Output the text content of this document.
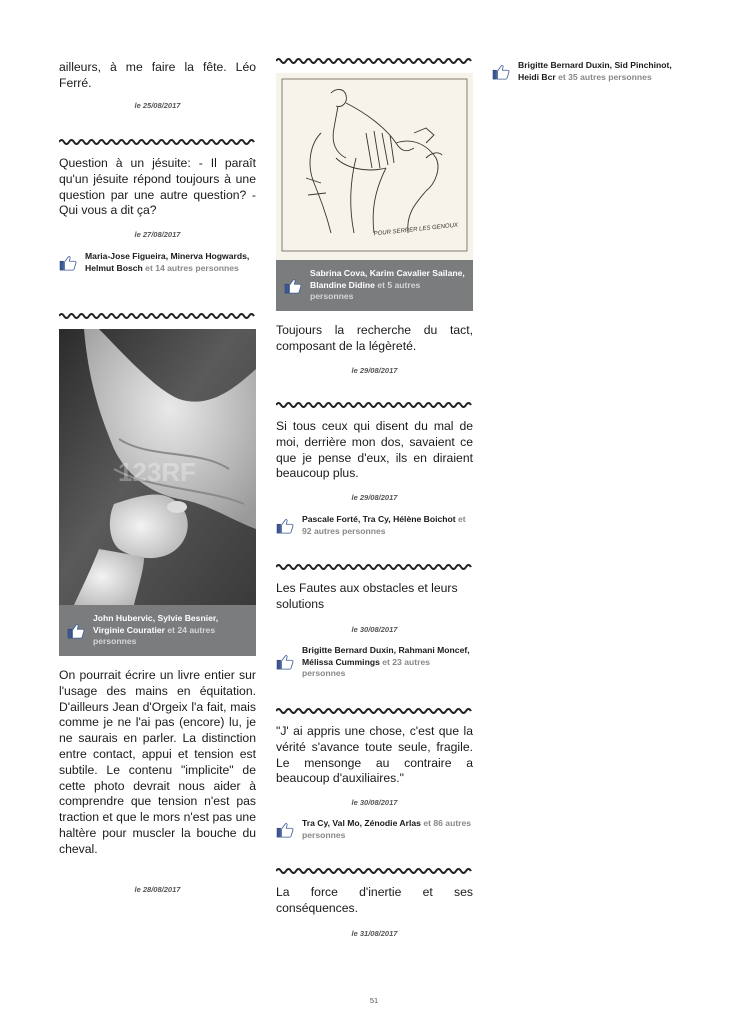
ailleurs, à me faire la fête. Léo Ferré.

le 25/08/2017

Question à un jésuite: - Il paraît qu'un jésuite répond toujours à une question par une autre question? - Qui vous a dit ça?

le 27/08/2017

Maria-Jose Figueira, Minerva Hogwards, Helmut Bosch et 14 autres personnes
123RF
John Hubervic, Sylvie Besnier, Virginie Couratier et 24 autres personnes

On pourrait écrire un livre entier sur l'usage des mains en équitation. D'ailleurs Jean d'Orgeix l'a fait, mais comme je ne l'ai pas (encore) lu, je ne saurais en parler. La distinction entre contact, appui et tension est subtile. Le contenu "implicite" de cette photo devrait nous aider à comprendre que tension n'est pas traction et que le mors n'est pas une haltère pour muscler la bouche du cheval.

le 28/08/2017

POUR SERRER LES GENOUX
Sabrina Cova, Karim Cavalier Sailane, Blandine Didine et 5 autres personnes

Toujours la recherche du tact, composant de la légèreté.

le 29/08/2017

Si tous ceux qui disent du mal de moi, derrière mon dos, savaient ce que je pense d'eux, ils en diraient beaucoup plus.

le 29/08/2017

Pascale Forté, Tra Cy, Hélène Boichot et 92 autres personnes

Les Fautes aux obstacles et leurs solutions

le 30/08/2017

Brigitte Bernard Duxin, Rahmani Moncef, Mélissa Cummings et 23 autres personnes

"J' ai appris une chose, c'est que la vérité s'avance toute seule, fragile. Le mensonge au contraire a beaucoup d'auxiliaires."

le 30/08/2017

Tra Cy, Val Mo, Zénodie Arlas et 86 autres personnes

La force d'inertie et ses conséquences.

le 31/08/2017

Brigitte Bernard Duxin, Sid Pinchinot, Heidi Bcr et 35 autres personnes
51
